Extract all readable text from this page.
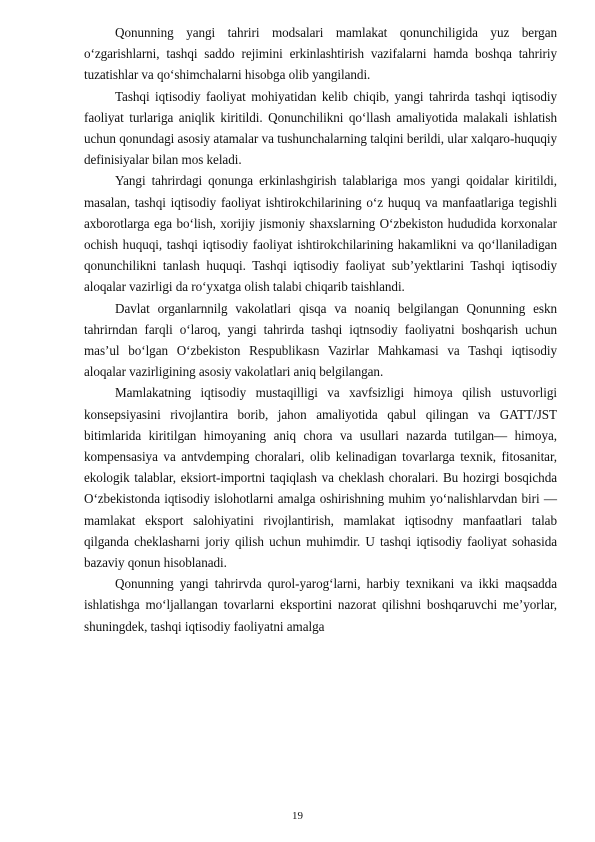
Qonunning yangi tahriri modsalari mamlakat qonunchiligida yuz bergan oʻzgarishlarni, tashqi saddo rejimini erkinlashtirish vazifalarni hamda boshqa tahririy tuzatishlar va qoʻshimchalarni hisobga olib yangilandi.

Tashqi iqtisodiy faoliyat mohiyatidan kelib chiqib, yangi tahrirda tashqi iqtisodiy faoliyat turlariga aniqlik kiritildi. Qonunchilikni qoʻllash amaliyotida malakali ishlatish uchun qonundagi asosiy atamalar va tushunchalarning talqini berildi, ular xalqaro-huquqiy definisiyalar bilan mos keladi.

Yangi tahrirdagi qonunga erkinlashgirish talablariga mos yangi qoidalar kiritildi, masalan, tashqi iqtisodiy faoliyat ishtirokchilarining oʻz huquq va manfaatlariga tegishli axborotlarga ega boʻlish, xorijiy jismoniy shaxslarning Oʻzbekiston hududida korxonalar ochish huquqi, tashqi iqtisodiy faoliyat ishtirokchilarining hakamlikni va qoʻllaniladigan qonunchilikni tanlash huquqi. Tashqi iqtisodiy faoliyat sub’yektlarini Tashqi iqtisodiy aloqalar vazirligi da roʻyxatga olish talabi chiqarib taishlandi.

Davlat organlarnnilg vakolatlari qisqa va noaniq belgilangan Qonunning eskn tahrirndan farqli oʻlaroq, yangi tahrirda tashqi iqtnsodiy faoliyatni boshqarish uchun mas’ul boʻlgan Oʻzbekiston Respublikasn Vazirlar Mahkamasi va Tashqi iqtisodiy aloqalar vazirligining asosiy vakolatlari aniq belgilangan.

Mamlakatning iqtisodiy mustaqilligi va xavfsizligi himoya qilish ustuvorligi konsepsiyasini rivojlantira borib, jahon amaliyotida qabul qilingan va GATT/JST bitimlarida kiritilgan himoyaning aniq chora va usullari nazarda tutilgan— himoya, kompensasiya va antvdemping choralari, olib kelinadigan tovarlarga texnik, fitosanitar, ekologik talablar, eksiort-importni taqiqlash va cheklash choralari. Bu hozirgi bosqichda Oʻzbekistonda iqtisodiy islohotlarni amalga oshirishning muhim yoʻnalishlarvdan biri — mamlakat eksport salohiyatini rivojlantirish, mamlakat iqtisodny manfaatlari talab qilganda cheklasharni joriy qilish uchun muhimdir. U tashqi iqtisodiy faoliyat sohasida bazaviy qonun hisoblanadi.

Qonunning yangi tahrirvda qurol-yarogʻlarni, harbiy texnikani va ikki maqsadda ishlatishga moʻljallangan tovarlarni eksportini nazorat qilishni boshqaruvchi me’yorlar, shuningdek, tashqi iqtisodiy faoliyatni amalga

19
